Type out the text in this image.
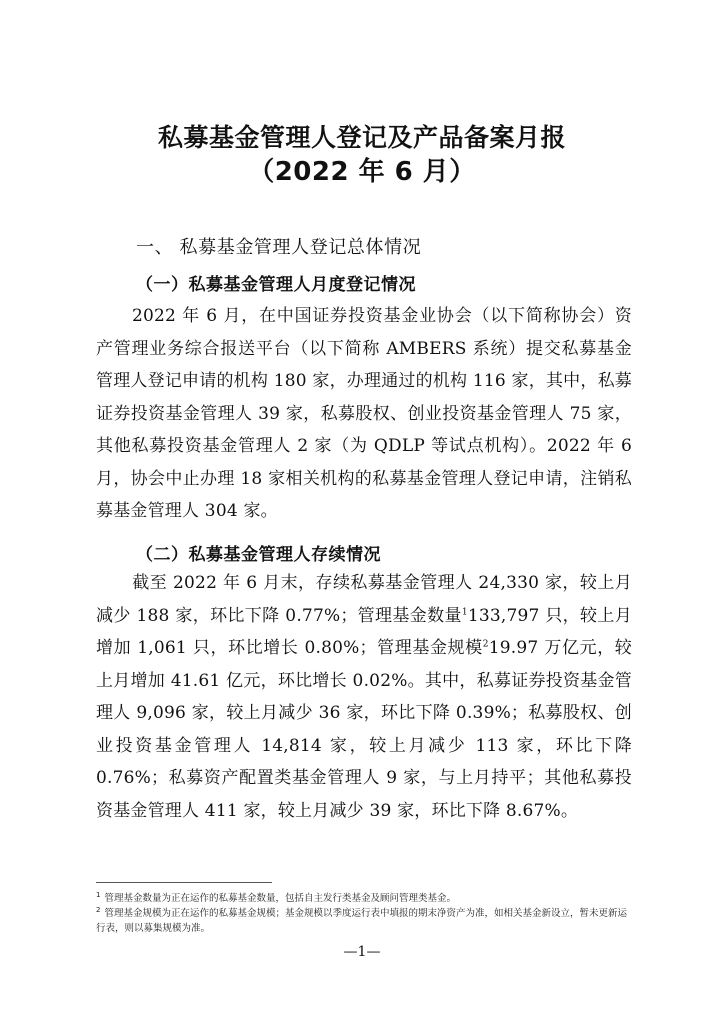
私募基金管理人登记及产品备案月报
（2022 年 6 月）
一、 私募基金管理人登记总体情况
（一）私募基金管理人月度登记情况

2022 年 6 月，在中国证券投资基金业协会（以下简称协会）资产管理业务综合报送平台（以下简称 AMBERS 系统）提交私募基金管理人登记申请的机构 180 家，办理通过的机构 116 家，其中，私募证券投资基金管理人 39 家，私募股权、创业投资基金管理人 75 家，其他私募投资基金管理人 2 家（为 QDLP 等试点机构）。2022 年 6 月，协会中止办理 18 家相关机构的私募基金管理人登记申请，注销私募基金管理人 304 家。

（二）私募基金管理人存续情况

截至 2022 年 6 月末，存续私募基金管理人 24,330 家，较上月减少 188 家，环比下降 0.77%；管理基金数量$^1$133,797 只，较上月增加 1,061 只，环比增长 0.80%；管理基金规模$^2$19.97 万亿元，较上月增加 41.61 亿元，环比增长 0.02%。其中，私募证券投资基金管理人 9,096 家，较上月减少 36 家，环比下降 0.39%；私募股权、创业投资基金管理人 14,814 家，较上月减少 113 家，环比下降 0.76%；私募资产配置类基金管理人 9 家，与上月持平；其他私募投资基金管理人 411 家，较上月减少 39 家，环比下降 8.67%。

$^1$ 管理基金数量为正在运作的私募基金数量，包括自主发行类基金及顾问管理类基金。

$^2$ 管理基金规模为正在运作的私募基金规模；基金规模以季度运行表中填报的期末净资产为准，如相关基金新设立，暂未更新运行表，则以募集规模为准。

—1—
